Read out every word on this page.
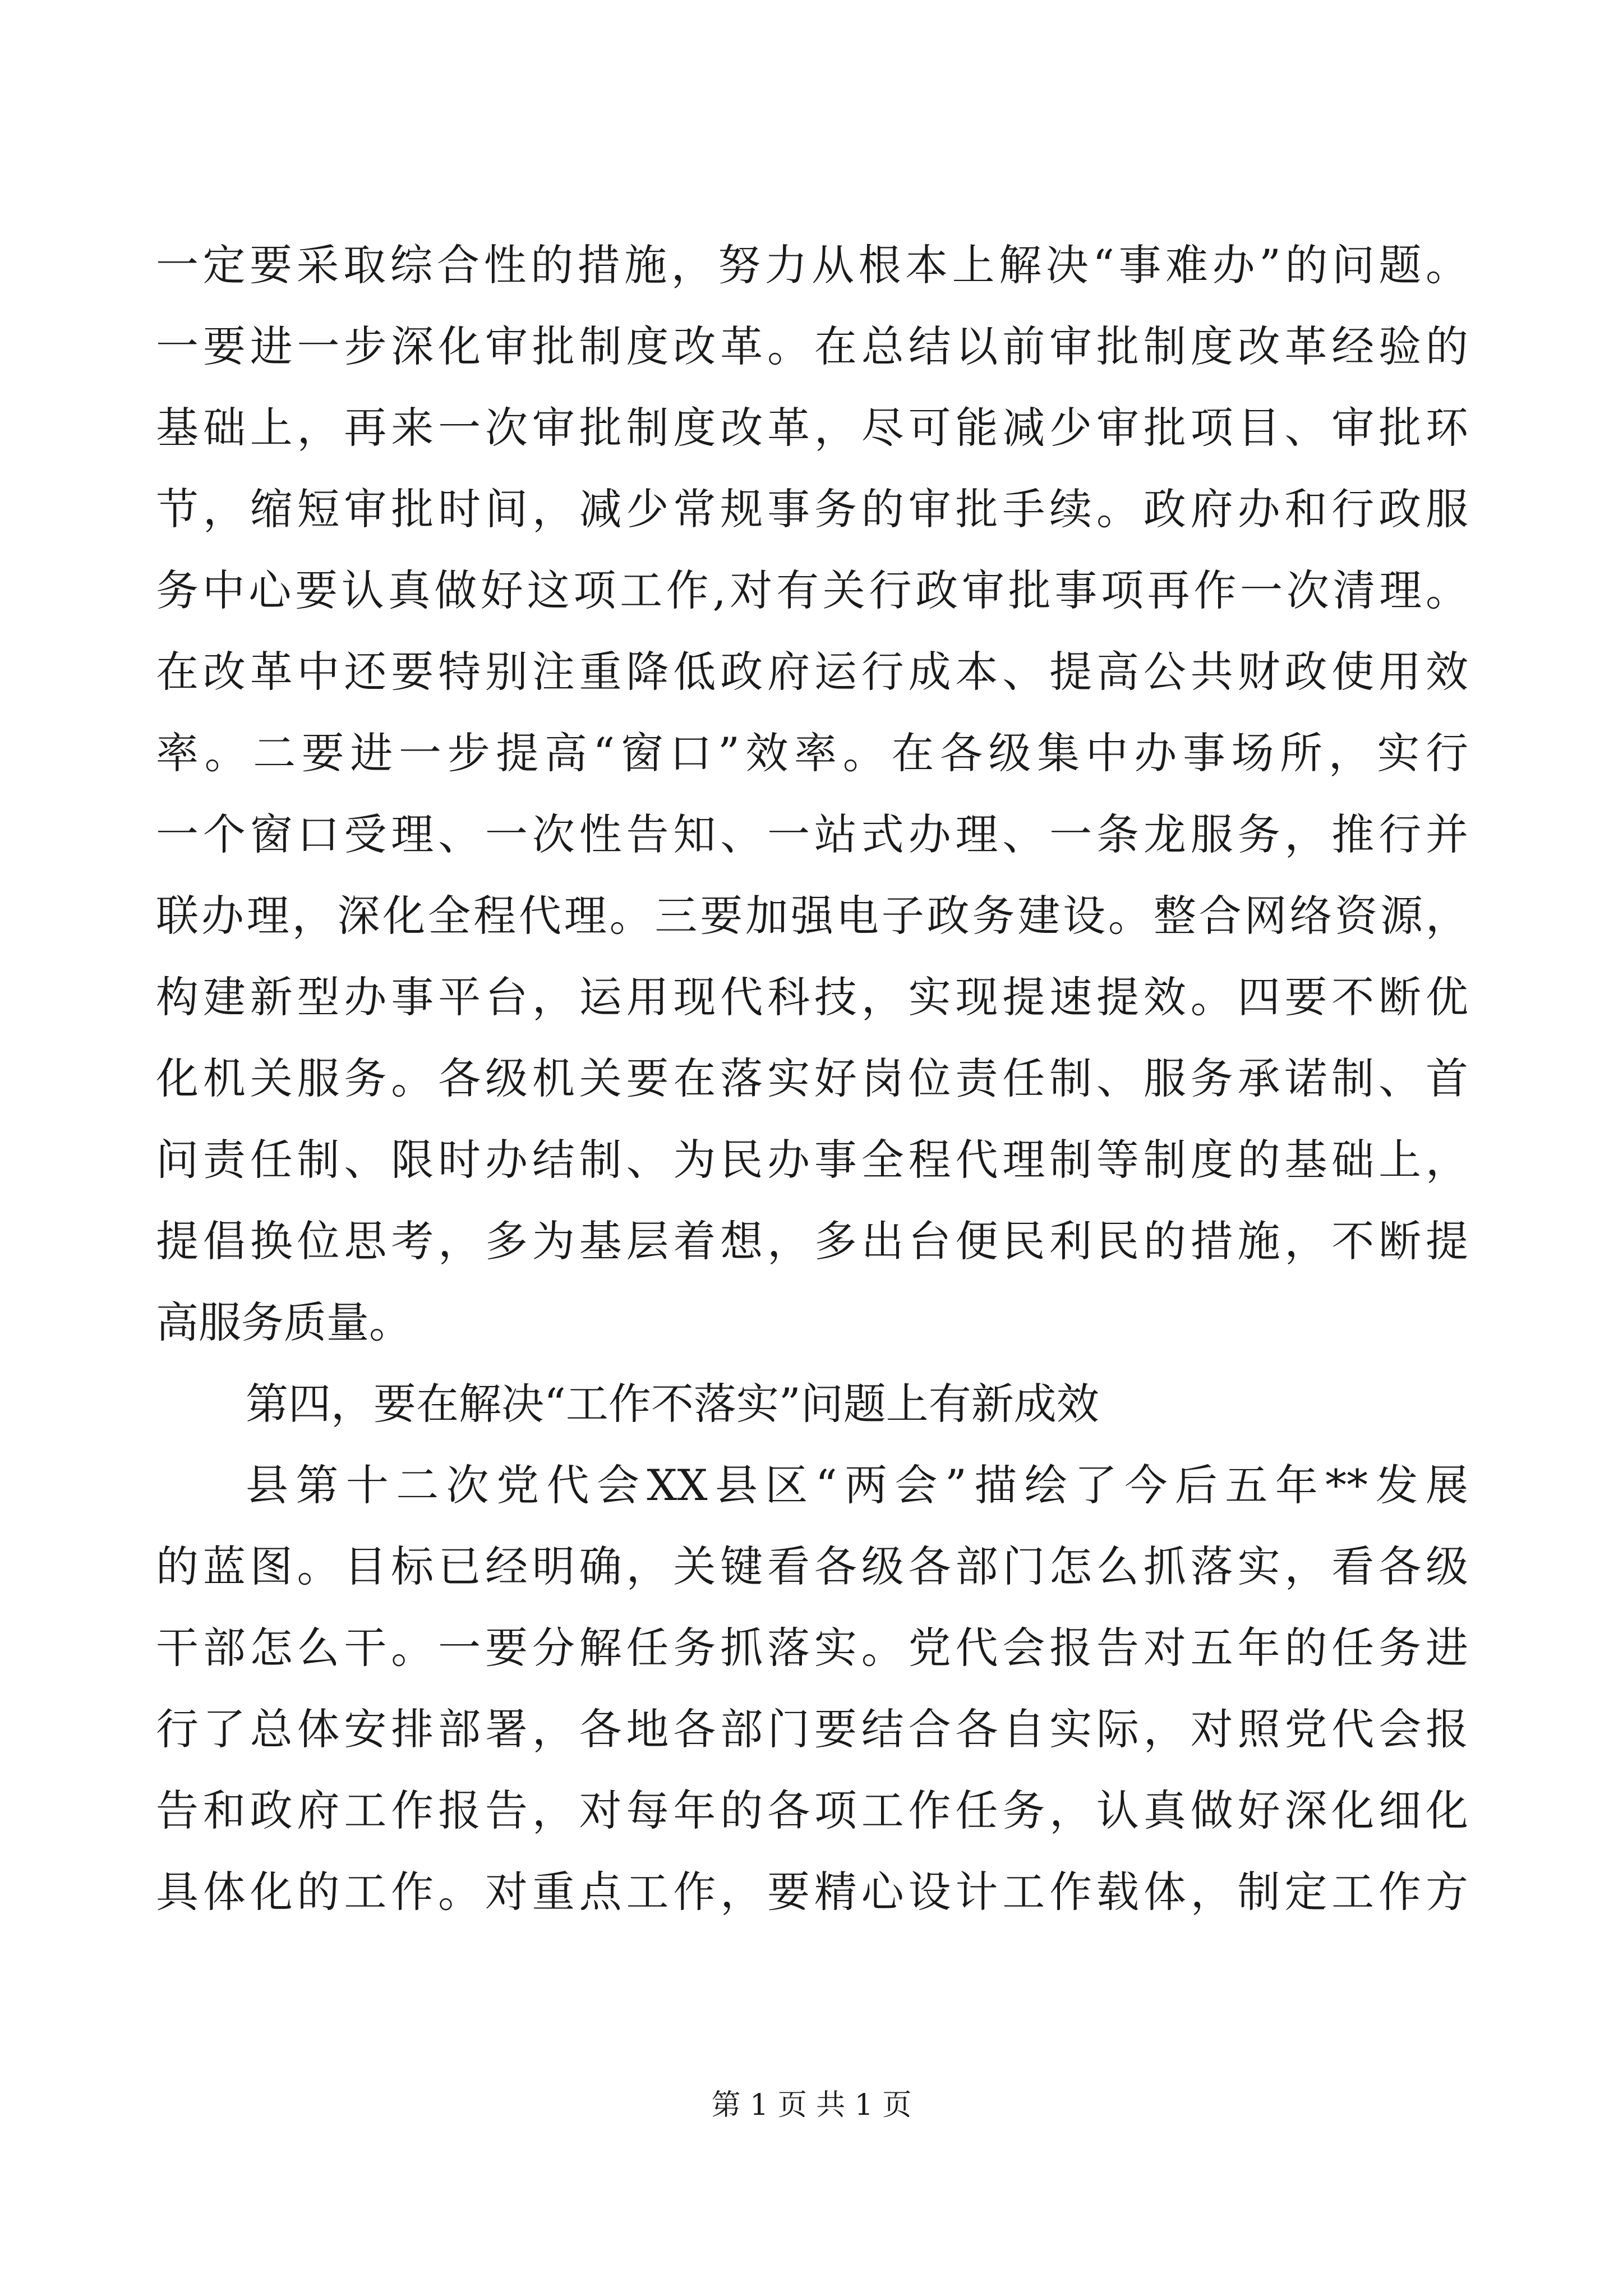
一定要采取综合性的措施，努力从根本上解决“事难办”的问题。
一要进一步深化审批制度改革。在总结以前审批制度改革经验的
基础上，再来一次审批制度改革，尽可能减少审批项目、审批环
节，缩短审批时间，减少常规事务的审批手续。政府办和行政服
务中心要认真做好这项工作,对有关行政审批事项再作一次清理。
在改革中还要特别注重降低政府运行成本、提高公共财政使用效
率。二要进一步提高“窗口”效率。在各级集中办事场所，实行
一个窗口受理、一次性告知、一站式办理、一条龙服务，推行并
联办理，深化全程代理。三要加强电子政务建设。整合网络资源，
构建新型办事平台，运用现代科技，实现提速提效。四要不断优
化机关服务。各级机关要在落实好岗位责任制、服务承诺制、首
问责任制、限时办结制、为民办事全程代理制等制度的基础上，
提倡换位思考，多为基层着想，多出台便民利民的措施，不断提
高服务质量。
第四，要在解决“工作不落实”问题上有新成效
县第十二次党代会XX县区“两会”描绘了今后五年**发展
的蓝图。目标已经明确，关键看各级各部门怎么抓落实，看各级
干部怎么干。一要分解任务抓落实。党代会报告对五年的任务进
行了总体安排部署，各地各部门要结合各自实际，对照党代会报
告和政府工作报告，对每年的各项工作任务，认真做好深化细化
具体化的工作。对重点工作，要精心设计工作载体，制定工作方
第 1 页 共 1 页
